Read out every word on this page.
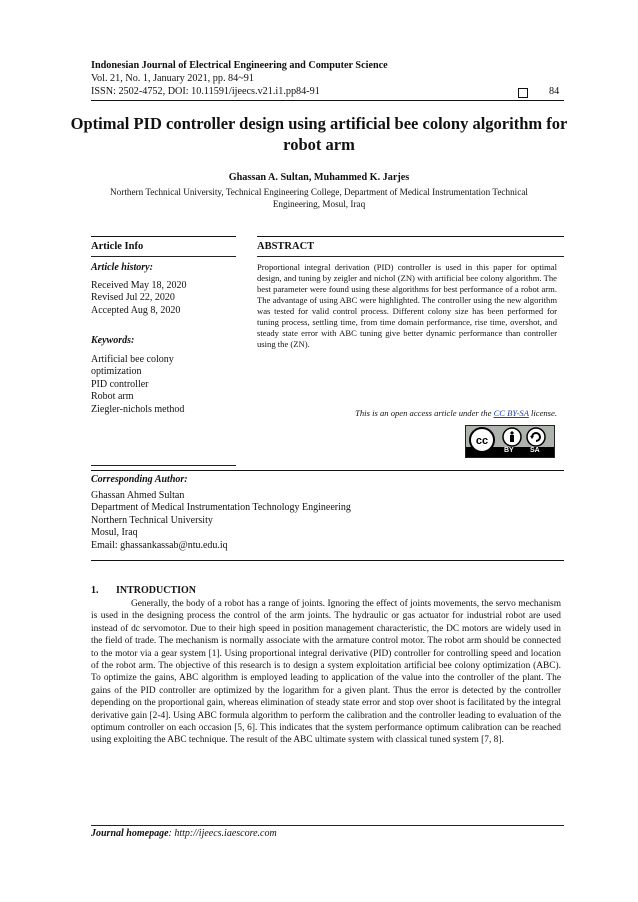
Indonesian Journal of Electrical Engineering and Computer Science
Vol. 21, No. 1, January 2021, pp. 84~91
ISSN: 2502-4752, DOI: 10.11591/ijeecs.v21.i1.pp84-91	84
Optimal PID controller design using artificial bee colony algorithm for robot arm
Ghassan A. Sultan, Muhammed K. Jarjes
Northern Technical University, Technical Engineering College, Department of Medical Instrumentation Technical Engineering, Mosul, Iraq
Article Info	ABSTRACT
Article history:
Received May 18, 2020
Revised Jul 22, 2020
Accepted Aug 8, 2020
Keywords:
Artificial bee colony
optimization
PID controller
Robot arm
Ziegler-nichols method
Proportional integral derivation (PID) controller is used in this paper for optimal design, and tuning by zeigler and nichol (ZN) with artificial bee colony algorithm. The best parameter were found using these algorithms for best performance of a robot arm. The advantage of using ABC were highlighted. The controller using the new algorithm was tested for valid control process. Different colony size has been performed for tuning process, settling time, from time domain performance, rise time, overshot, and steady state error with ABC tuning give better dynamic performance than controller using the (ZN).
This is an open access article under the CC BY-SA license.
cc
BY SA
Corresponding Author:
Ghassan Ahmed Sultan
Department of Medical Instrumentation Technology Engineering
Northern Technical University
Mosul, Iraq
Email: ghassankassab@ntu.edu.iq
1.       INTRODUCTION
Generally, the body of a robot has a range of joints. Ignoring the effect of joints movements, the servo mechanism is used in the designing process the control of the arm joints. The hydraulic or gas actuator for industrial robot are used instead of dc servomotor. Due to their high speed in position management characteristic, the DC motors are widely used in the field of trade. The mechanism is normally associate with the armature control motor. The robot arm should be connected to the motor via a gear system [1]. Using proportional integral derivative (PID) controller for controlling speed and location of the robot arm. The objective of this research is to design a system exploitation artificial bee colony optimization (ABC). To optimize the gains, ABC algorithm is employed leading to application of the value into the controller of the plant. The gains of the PID controller are optimized by the logarithm for a given plant. Thus the error is detected by the controller depending on the proportional gain, whereas elimination of steady state error and stop over shoot is facilitated by the integral derivative gain [2-4]. Using ABC formula algorithm to perform the calibration and the controller leading to evaluation of the optimum controller on each occasion [5, 6]. This indicates that the system performance optimum calibration can be reached using exploiting the ABC technique. The result of the ABC ultimate system with classical tuned system [7, 8].
Journal homepage: http://ijeecs.iaescore.com
